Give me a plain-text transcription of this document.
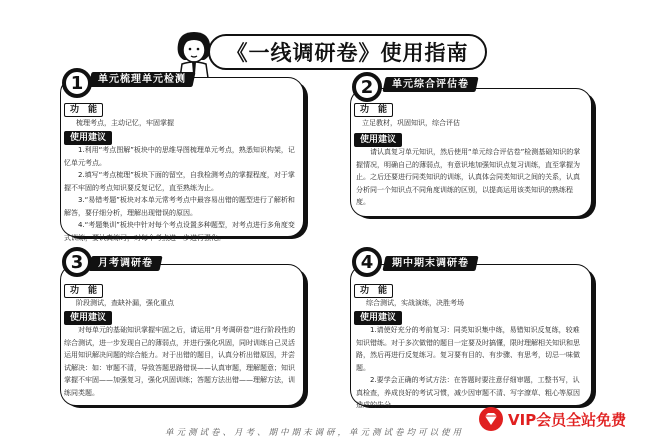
《一线调研卷》使用指南
1	单元梳理单元检测
功　能
梳理考点，主动记忆，牢固掌握
使用建议

1.利用“考点图解”板块中的思维导图梳理单元考点，熟悉知识构架，记忆单元考点。

2.填写“考点梳理”板块下面的留空，自我检测考点的掌握程度，对于掌握不牢固的考点知识要反复记忆，直至熟练为止。

3.“易错考题”板块对本单元常考考点中最容易出错的题型进行了解析和解答，要仔细分析，理解出现错误的原因。

4.“考题集训”板块中针对每个考点设置多种题型，对考点进行多角度变式训练，要认真练习，对每个考点进一步进行强化。

2	单元综合评估卷
功　能
立足教材，巩固知识，综合评估
使用建议

请认真复习单元知识，然后使用“单元综合评估卷”检测基础知识的掌握情况，明确自己的薄弱点，有意识地加强知识点复习训练，直至掌握为止。之后还要进行同类知识的训练，认真体会同类知识之间的关系，认真分析同一个知识点不同角度训练的区别，以提高运用该类知识的熟练程度。

3	月考调研卷
功　能
阶段测试，查缺补漏，强化重点
使用建议

对每单元的基础知识掌握牢固之后，请运用“月考调研卷”进行阶段性的综合测试，进一步发现自己的薄弱点，并进行强化巩固，同时训练自己灵活运用知识解决问题的综合能力。对于出错的题目，认真分析出错原因，并尝试解决：如：审题不清，导致答题思路错误——认真审题，理解题意；知识掌握不牢固——加强复习，强化巩固训练；答题方法出错——理解方法，训练同类题。

4	期中期末调研卷
功　能
综合测试，实战演练，决胜考场
使用建议

1.请使好充分的考前复习：同类知识集中练，易错知识反复练，较难知识错练。对于多次做错的题目一定要及时搞懂，限时理解相关知识和思路，然后再进行反复练习。复习要有目的、有步骤、有思考，切忌一味做题。

2.要学会正确的考试方法：在答题时要注意仔细审题，工整书写，认真检查，养成良好的考试习惯，减少因审题不清、写字潦草、粗心等原因造成的失分。

单元测试卷、月考、期中期末调研，单元测试卷均可以使用
VIP会员全站免费
